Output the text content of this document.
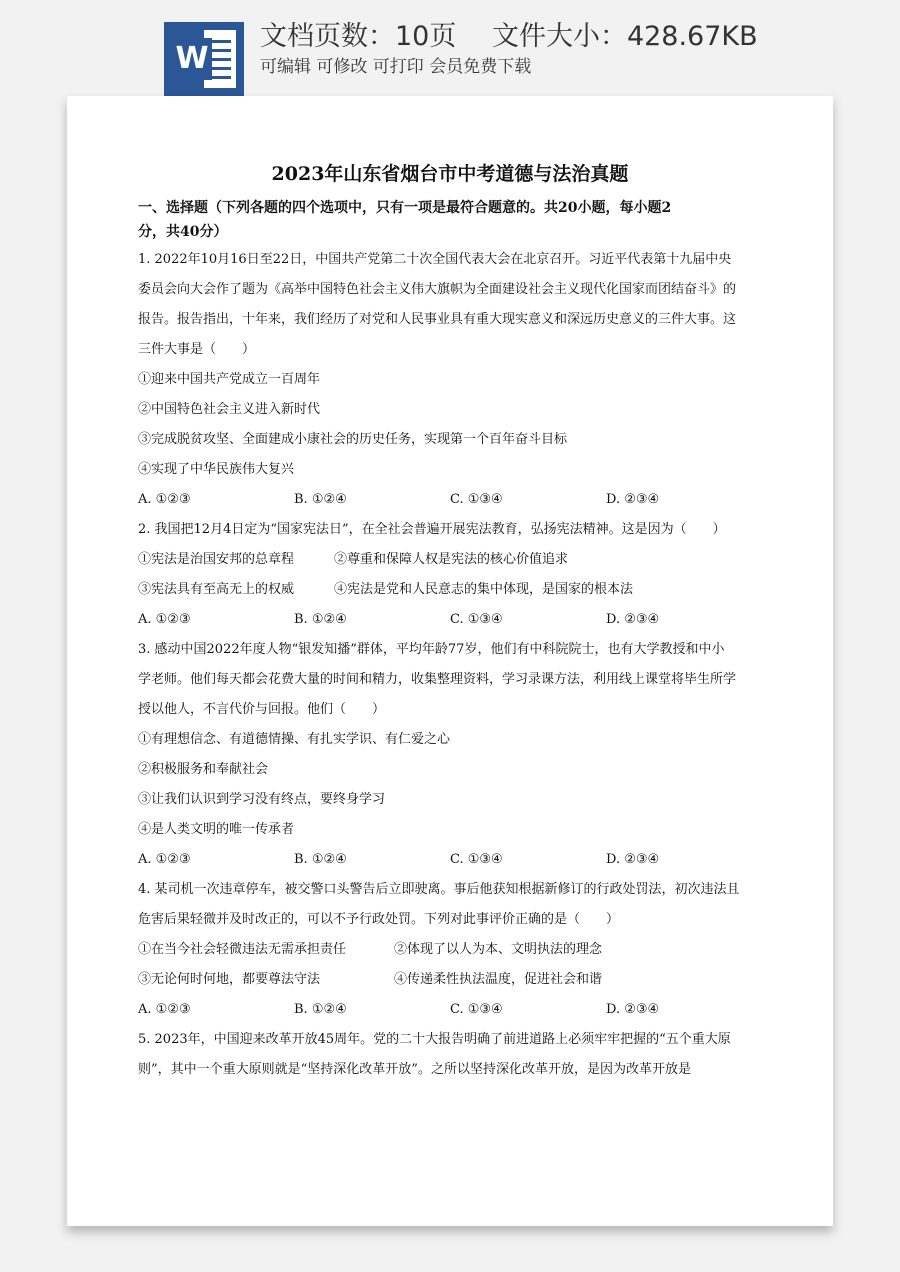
W
文档页数：10页　 文件大小：428.67KB
可编辑 可修改 可打印 会员免费下载
2023年山东省烟台市中考道德与法治真题
一、选择题（下列各题的四个选项中，只有一项是最符合题意的。共20小题，每小题2
分，共40分）
1. 2022年10月16日至22日，中国共产党第二十次全国代表大会在北京召开。习近平代表第十九届中央
委员会向大会作了题为《高举中国特色社会主义伟大旗帜为全面建设社会主义现代化国家而团结奋斗》的
报告。报告指出，十年来，我们经历了对党和人民事业具有重大现实意义和深远历史意义的三件大事。这
三件大事是（　　）
①迎来中国共产党成立一百周年
②中国特色社会主义进入新时代
③完成脱贫攻坚、全面建成小康社会的历史任务，实现第一个百年奋斗目标
④实现了中华民族伟大复兴
A. ①②③	B. ①②④	C. ①③④	D. ②③④
2. 我国把12月4日定为“国家宪法日”，在全社会普遍开展宪法教育，弘扬宪法精神。这是因为（　　）
①宪法是治国安邦的总章程	②尊重和保障人权是宪法的核心价值追求
③宪法具有至高无上的权威	④宪法是党和人民意志的集中体现，是国家的根本法
A. ①②③	B. ①②④	C. ①③④	D. ②③④
3. 感动中国2022年度人物“银发知播”群体，平均年龄77岁，他们有中科院院士，也有大学教授和中小
学老师。他们每天都会花费大量的时间和精力，收集整理资料，学习录课方法，利用线上课堂将毕生所学
授以他人，不言代价与回报。他们（　　）
①有理想信念、有道德情操、有扎实学识、有仁爱之心
②积极服务和奉献社会
③让我们认识到学习没有终点，要终身学习
④是人类文明的唯一传承者
A. ①②③	B. ①②④	C. ①③④	D. ②③④
4. 某司机一次违章停车，被交警口头警告后立即驶离。事后他获知根据新修订的行政处罚法，初次违法且
危害后果轻微并及时改正的，可以不予行政处罚。下列对此事评价正确的是（　　）
①在当今社会轻微违法无需承担责任	②体现了以人为本、文明执法的理念
③无论何时何地，都要尊法守法	④传递柔性执法温度，促进社会和谐
A. ①②③	B. ①②④	C. ①③④	D. ②③④
5. 2023年，中国迎来改革开放45周年。党的二十大报告明确了前进道路上必须牢牢把握的“五个重大原
则”，其中一个重大原则就是“坚持深化改革开放”。之所以坚持深化改革开放，是因为改革开放是
